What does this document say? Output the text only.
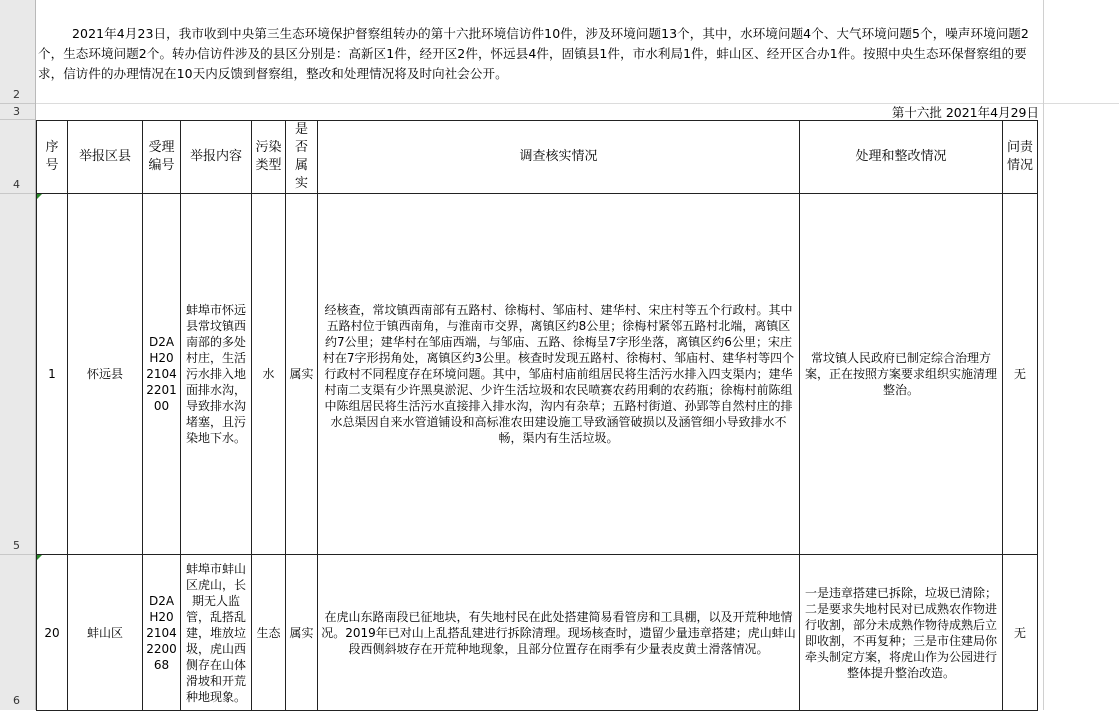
2
3
4
5
6
2021年4月23日，我市收到中央第三生态环境保护督察组转办的第十六批环境信访件10件，涉及环境问题13个，其中，水环境问题4个、大气环境问题5个，噪声环境问题2个，生态环境问题2个。转办信访件涉及的县区分别是：高新区1件，经开区2件，怀远县4件，固镇县1件，市水利局1件，蚌山区、经开区合办1件。按照中央生态环保督察组的要求，信访件的办理情况在10天内反馈到督察组，整改和处理情况将及时向社会公开。
第十六批 2021年4月29日
序号	举报区县	受理编号	举报内容	污染类型	是否属实	调查核实情况	处理和整改情况	问责情况
1	怀远县	D2AH202104220100	蚌埠市怀远县常坟镇西南部的多处村庄，生活污水排入地面排水沟，导致排水沟堵塞，且污染地下水。	水	属实	经核查，常坟镇西南部有五路村、徐梅村、邹庙村、建华村、宋庄村等五个行政村。其中五路村位于镇西南角，与淮南市交界，离镇区约8公里；徐梅村紧邻五路村北端，离镇区约7公里；建华村在邹庙西端，与邹庙、五路、徐梅呈7字形坐落，离镇区约6公里；宋庄村在7字形拐角处，离镇区约3公里。核查时发现五路村、徐梅村、邹庙村、建华村等四个行政村不同程度存在环境问题。其中，邹庙村庙前组居民将生活污水排入四支渠内；建华村南二支渠有少许黑臭淤泥、少许生活垃圾和农民喷赛农药用剩的农药瓶；徐梅村前陈组中陈组居民将生活污水直接排入排水沟，沟内有杂草；五路村街道、孙郢等自然村庄的排水总渠因自来水管道铺设和高标准农田建设施工导致涵管破损以及涵管细小导致排水不畅，渠内有生活垃圾。	常坟镇人民政府已制定综合治理方案，正在按照方案要求组织实施清理整治。	无
20	蚌山区	D2AH202104220068	蚌埠市蚌山区虎山，长期无人监管，乱搭乱建，堆放垃圾，虎山西侧存在山体滑坡和开荒种地现象。	生态	属实	在虎山东路南段已征地块，有失地村民在此处搭建简易看管房和工具棚，以及开荒种地情况。2019年已对山上乱搭乱建进行拆除清理。现场核查时，遗留少量违章搭建；虎山蚌山段西侧斜坡存在开荒种地现象，且部分位置存在雨季有少量表皮黄土滑落情况。	一是违章搭建已拆除，垃圾已清除；二是要求失地村民对已成熟农作物进行收割，部分未成熟作物待成熟后立即收割，不再复种；三是市住建局你牵头制定方案，将虎山作为公园进行整体提升整治改造。	无
